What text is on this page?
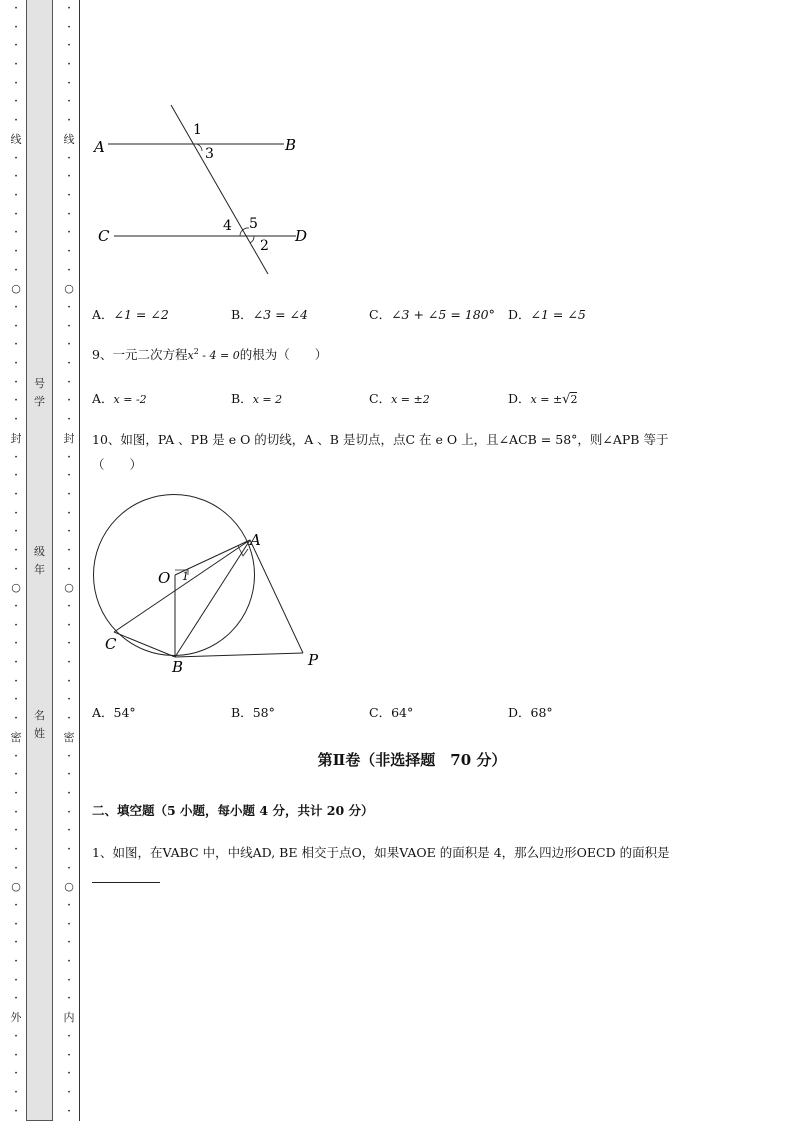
•
•
•
•
•
•
•
线
•
•
•
•
•
•
•
○
•
•
•
•
•
•
•
封
•
•
•
•
•
•
•
○
•
•
•
•
•
•
•
密
•
•
•
•
•
•
•
○
•
•
•
•
•
•
外
•
•
•
•
•
号
学
级
年
名
姓
•
•
•
•
•
•
•
线
•
•
•
•
•
•
•
○
•
•
•
•
•
•
•
封
•
•
•
•
•
•
•
○
•
•
•
•
•
•
•
密
•
•
•
•
•
•
•
○
•
•
•
•
•
•
内
•
•
•
•
•
A	B
C	D
1
3
4 5
2
A．∠1 = ∠2	B．∠3 = ∠4	C．∠3 + ∠5 = 180° D．∠1 = ∠5
9、一元二次方程$x^2 - 4 = 0$的根为（　　）
A．x = -2	B．x = 2	C．x = ±2	D．x = ±√2
10、如图，PA 、PB 是 e O 的切线，A 、B 是切点，点C 在 e O 上，且∠ACB = 58°，则∠APB 等于
（　　）
A
O 1
C
B	P
A．54°	B．58°	C．64°	D．68°
第Ⅱ卷（非选择题　70 分）
二、填空题（5 小题，每小题 4 分，共计 20 分）
1、如图，在VABC 中，中线AD, BE 相交于点O，如果VAOE 的面积是 4，那么四边形OECD 的面积是
